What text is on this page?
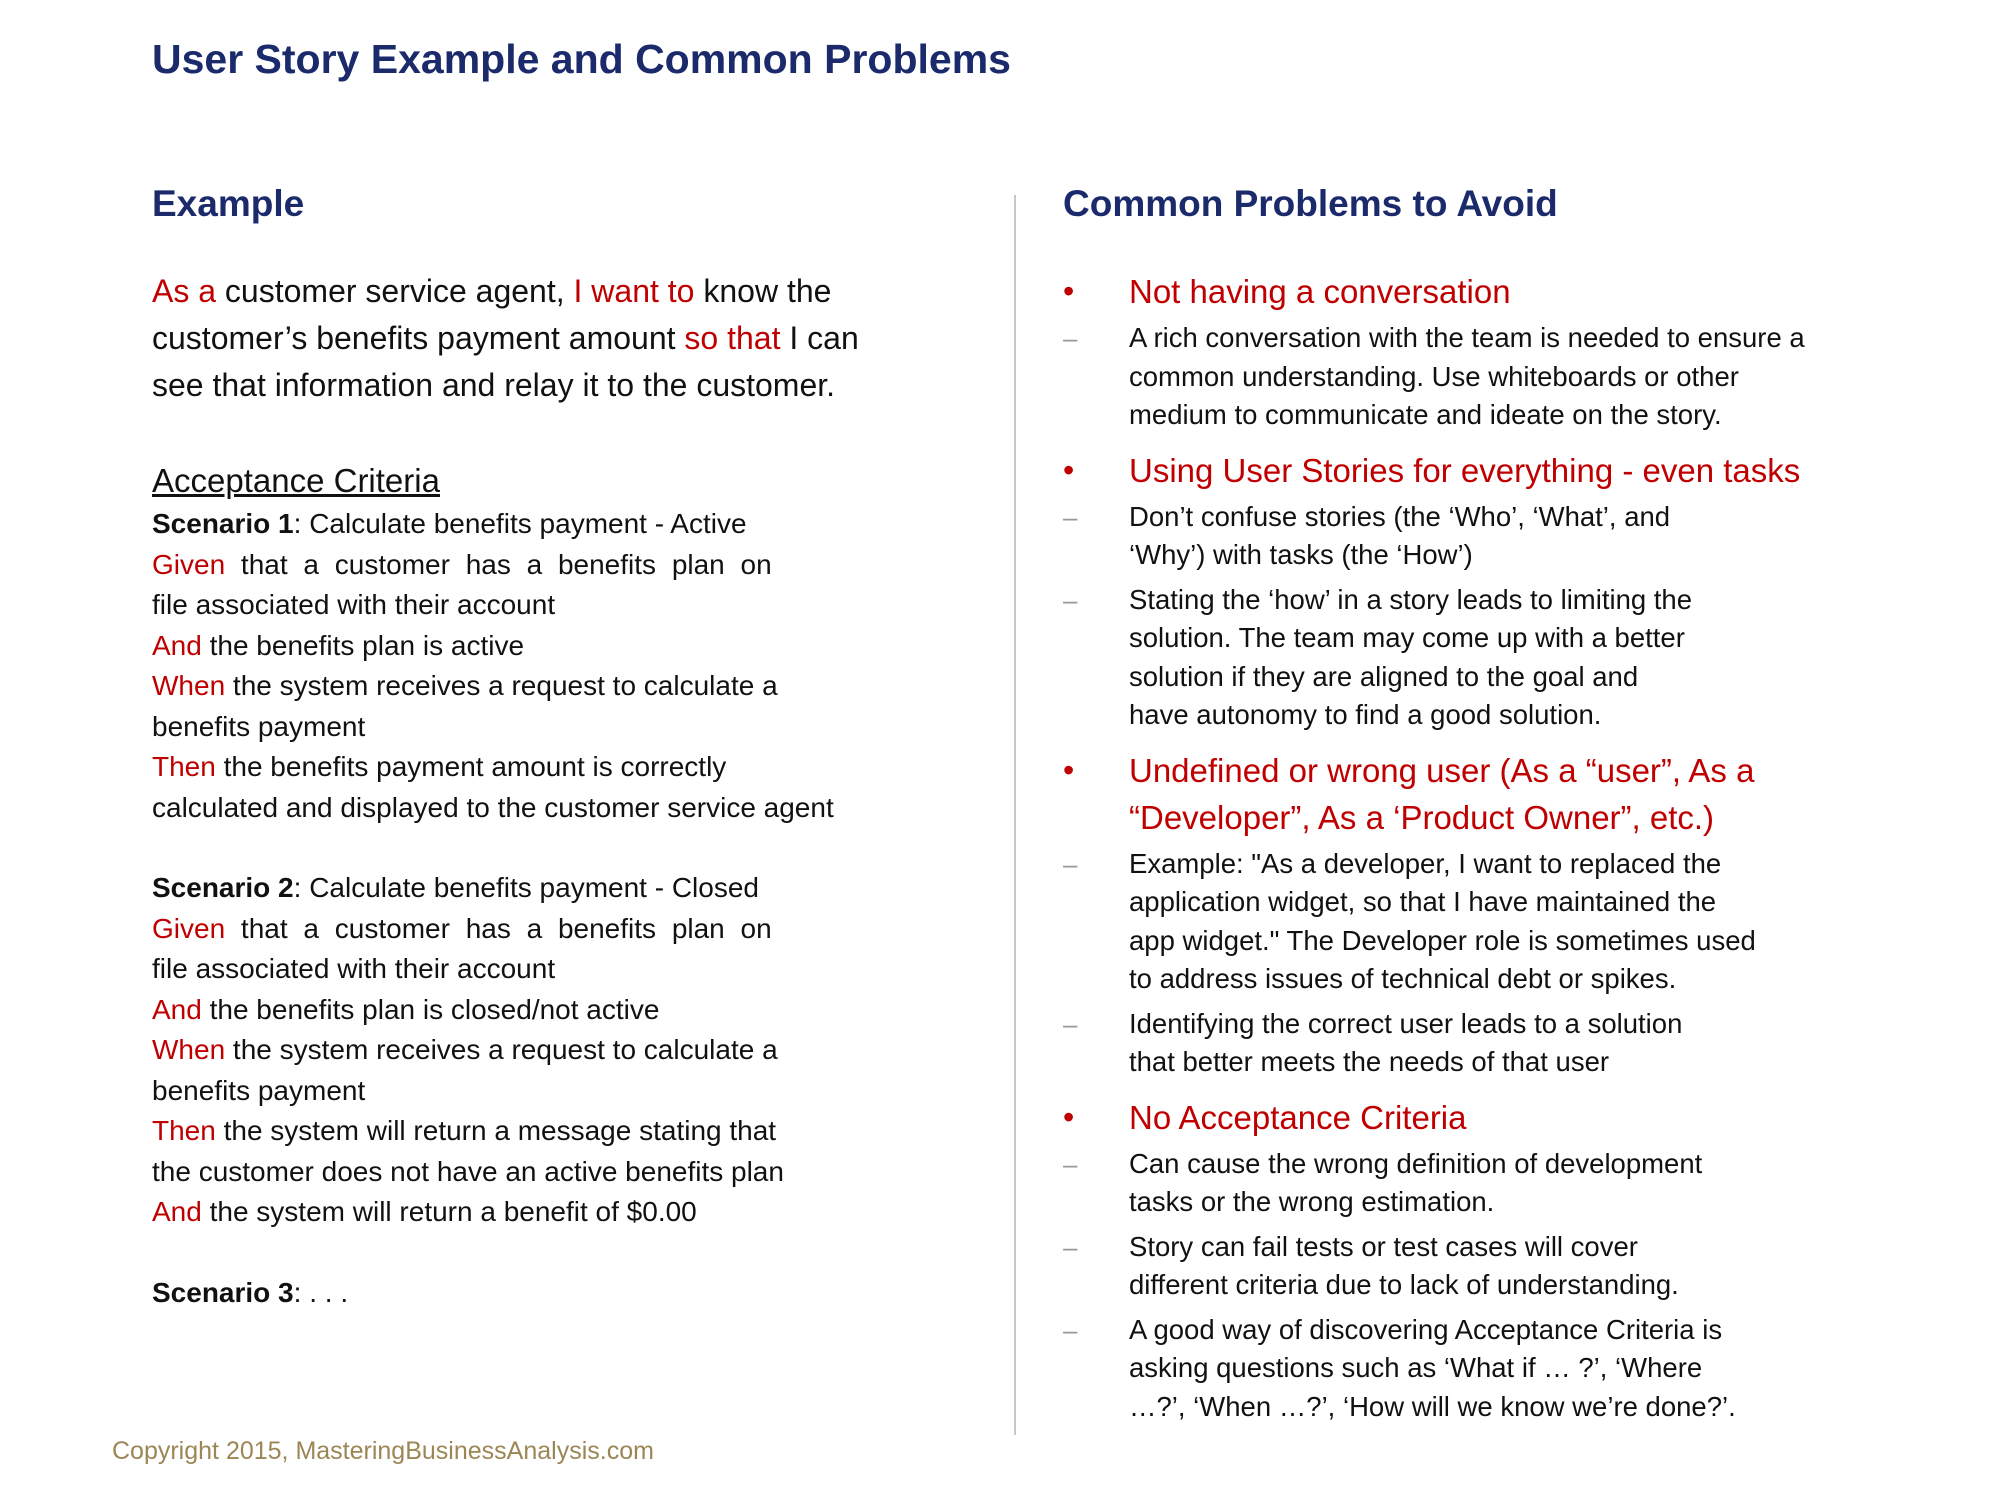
User Story Example and Common Problems
Example

As a customer service agent, I want to know the
customer’s benefits payment amount so that I can
see that information and relay it to the customer.

Acceptance Criteria
Scenario 1: Calculate benefits payment - Active
Given that a customer has a benefits plan on
file associated with their account
And the benefits plan is active
When the system receives a request to calculate a
benefits payment
Then the benefits payment amount is correctly
calculated and displayed to the customer service agent
Scenario 2: Calculate benefits payment - Closed
Given that a customer has a benefits plan on
file associated with their account
And the benefits plan is closed/not active
When the system receives a request to calculate a
benefits payment
Then the system will return a message stating that
the customer does not have an active benefits plan
And the system will return a benefit of $0.00
Scenario 3: . . .
Common Problems to Avoid
•	Not having a conversation
–	A rich conversation with the team is needed to ensure a
common understanding. Use whiteboards or other
medium to communicate and ideate on the story.
•	Using User Stories for everything - even tasks
–	Don’t confuse stories (the ‘Who’, ‘What’, and
‘Why’) with tasks (the ‘How’)
–	Stating the ‘how’ in a story leads to limiting the
solution. The team may come up with a better
solution if they are aligned to the goal and
have autonomy to find a good solution.
•	Undefined or wrong user (As a “user”, As a
“Developer”, As a ‘Product Owner”, etc.)
–	Example: "As a developer, I want to replaced the
application widget, so that I have maintained the
app widget." The Developer role is sometimes used
to address issues of technical debt or spikes.
–	Identifying the correct user leads to a solution
that better meets the needs of that user
•	No Acceptance Criteria
–	Can cause the wrong definition of development
tasks or the wrong estimation.
–	Story can fail tests or test cases will cover
different criteria due to lack of understanding.
–	A good way of discovering Acceptance Criteria is
asking questions such as ‘What if … ?’, ‘Where
…?’, ‘When …?’, ‘How will we know we’re done?’.
Copyright 2015, MasteringBusinessAnalysis.com
